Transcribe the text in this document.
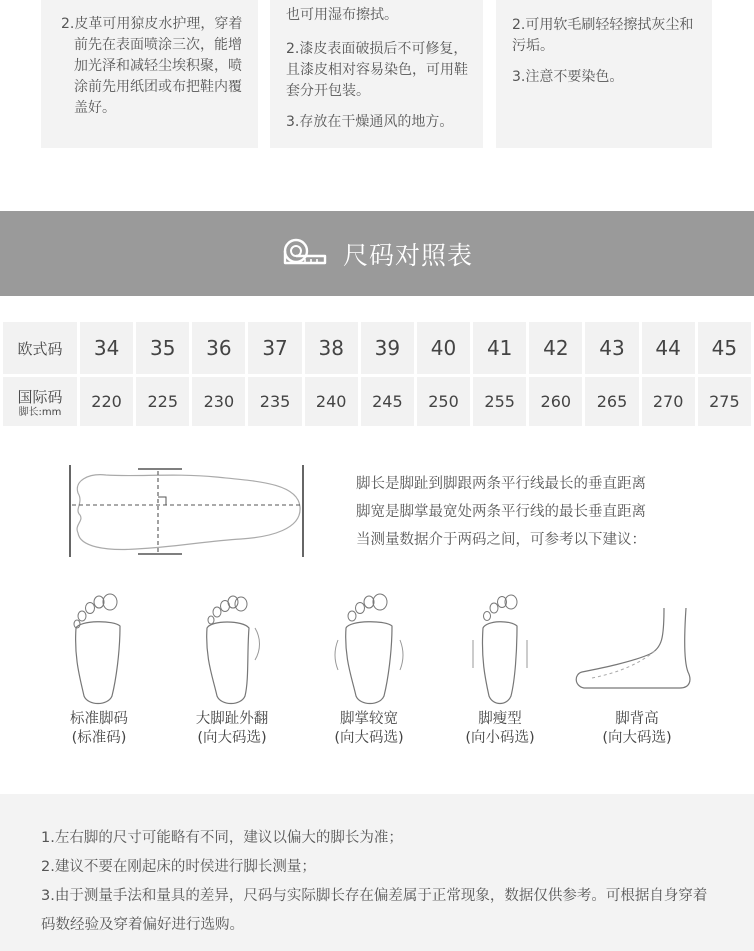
2.皮革可用猄皮水护理，穿着前先在表面喷涂三次，能增加光泽和减轻尘埃积聚，喷涂前先用纸团或布把鞋内覆盖好。

也可用湿布擦拭。

2.漆皮表面破损后不可修复，且漆皮相对容易染色，可用鞋套分开包装。

3.存放在干燥通风的地方。

2.可用软毛刷轻轻擦拭灰尘和污垢。

3.注意不要染色。

尺码对照表
欧式码	34	35	36	37	38	39	40	41	42	43	44	45
国际码
脚长:mm	220	225	230	235	240	245	250	255	260	265	270	275
脚长是脚趾到脚跟两条平行线最长的垂直距离
脚宽是脚掌最宽处两条平行线的最长垂直距离
当测量数据介于两码之间，可参考以下建议：
标准脚码
(标准码)
大脚趾外翻
(向大码选)
脚掌较宽
(向大码选)
脚瘦型
(向小码选)
脚背高
(向大码选)

1.左右脚的尺寸可能略有不同，建议以偏大的脚长为准；

2.建议不要在刚起床的时侯进行脚长测量；

3.由于测量手法和量具的差异，尺码与实际脚长存在偏差属于正常现象，数据仅供参考。可根据自身穿着码数经验及穿着偏好进行选购。
